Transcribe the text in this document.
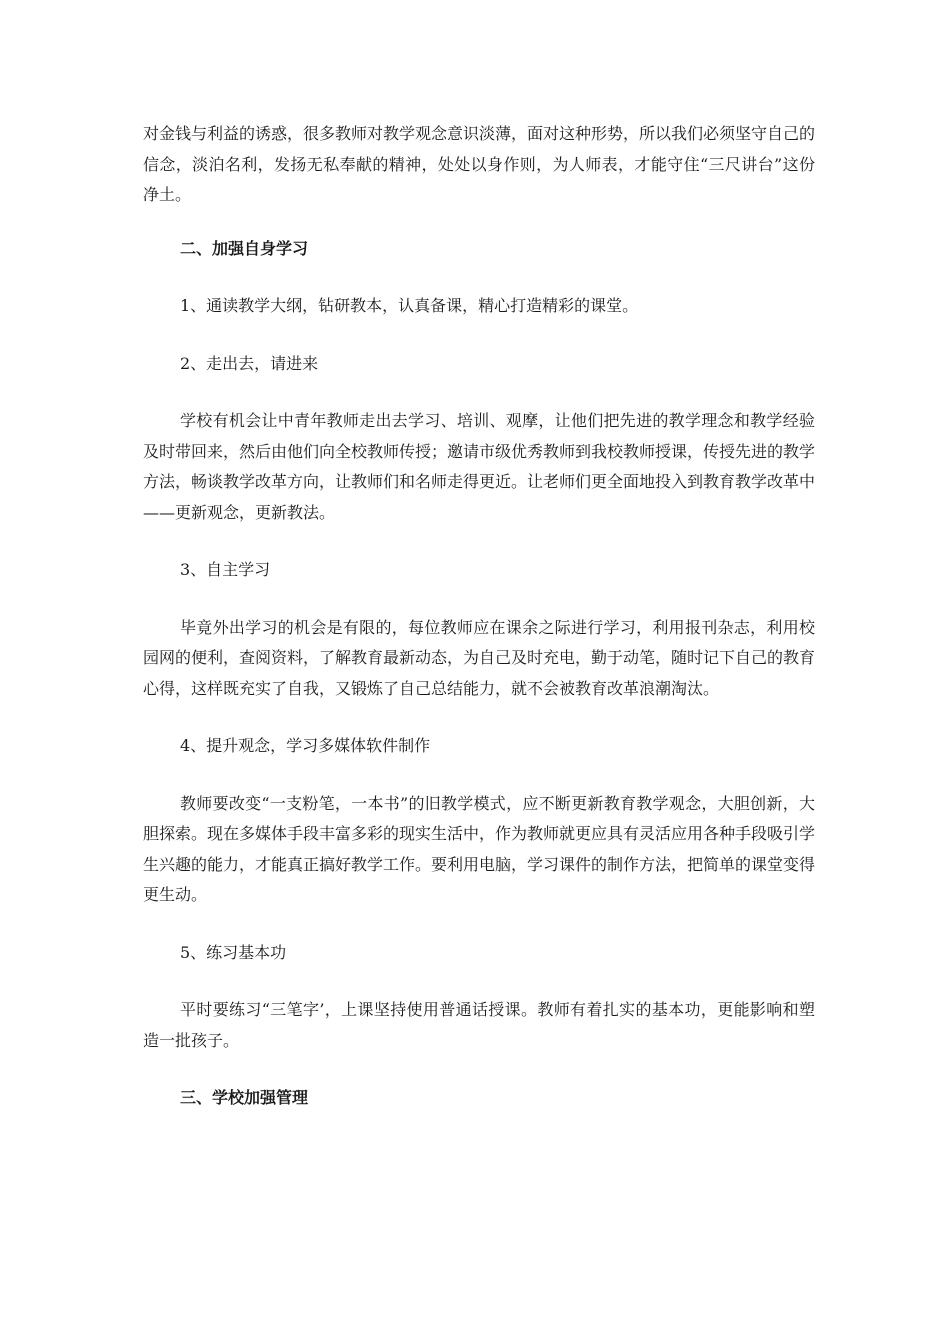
对金钱与利益的诱惑，很多教师对教学观念意识淡薄，面对这种形势，所以我们必须坚守自己的信念，淡泊名利，发扬无私奉献的精神，处处以身作则，为人师表，才能守住“三尺讲台”这份净土。

二、加强自身学习

1、通读教学大纲，钻研教本，认真备课，精心打造精彩的课堂。

2、走出去，请进来

学校有机会让中青年教师走出去学习、培训、观摩，让他们把先进的教学理念和教学经验及时带回来，然后由他们向全校教师传授；邀请市级优秀教师到我校教师授课，传授先进的教学方法，畅谈教学改革方向，让教师们和名师走得更近。让老师们更全面地投入到教育教学改革中——更新观念，更新教法。

3、自主学习

毕竟外出学习的机会是有限的，每位教师应在课余之际进行学习，利用报刊杂志，利用校园网的便利，查阅资料，了解教育最新动态，为自己及时充电，勤于动笔，随时记下自己的教育心得，这样既充实了自我，又锻炼了自己总结能力，就不会被教育改革浪潮淘汰。

4、提升观念，学习多媒体软件制作

教师要改变“一支粉笔，一本书”的旧教学模式，应不断更新教育教学观念，大胆创新，大胆探索。现在多媒体手段丰富多彩的现实生活中，作为教师就更应具有灵活应用各种手段吸引学生兴趣的能力，才能真正搞好教学工作。要利用电脑，学习课件的制作方法，把简单的课堂变得更生动。

5、练习基本功

平时要练习“三笔字’，上课坚持使用普通话授课。教师有着扎实的基本功，更能影响和塑造一批孩子。

三、学校加强管理
